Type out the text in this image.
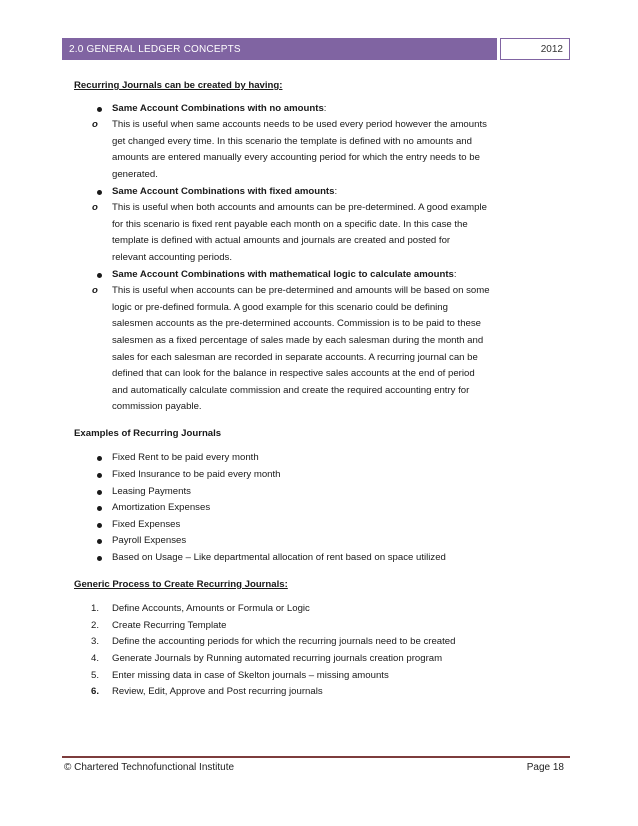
2.0 GENERAL LEDGER CONCEPTS	2012
Recurring Journals can be created by having:
Same Account Combinations with no amounts:
o This is useful when same accounts needs to be used every period however the amounts
get changed every time. In this scenario the template is defined with no amounts and
amounts are entered manually every accounting period for which the entry needs to be
generated.
Same Account Combinations with fixed amounts:
o This is useful when both accounts and amounts can be pre-determined. A good example
for this scenario is fixed rent payable each month on a specific date. In this case the
template is defined with actual amounts and journals are created and posted for
relevant accounting periods.
Same Account Combinations with mathematical logic to calculate amounts:
o This is useful when accounts can be pre-determined and amounts will be based on some
logic or pre-defined formula. A good example for this scenario could be defining
salesmen accounts as the pre-determined accounts. Commission is to be paid to these
salesmen as a fixed percentage of sales made by each salesman during the month and
sales for each salesman are recorded in separate accounts. A recurring journal can be
defined that can look for the balance in respective sales accounts at the end of period
and automatically calculate commission and create the required accounting entry for
commission payable.
Examples of Recurring Journals
Fixed Rent to be paid every month
Fixed Insurance to be paid every month
Leasing Payments
Amortization Expenses
Fixed Expenses
Payroll Expenses
Based on Usage – Like departmental allocation of rent based on space utilized
Generic Process to Create Recurring Journals:
1. Define Accounts, Amounts or Formula or Logic
2. Create Recurring Template
3. Define the accounting periods for which the recurring journals need to be created
4. Generate Journals by Running automated recurring journals creation program
5. Enter missing data in case of Skelton journals – missing amounts
6. Review, Edit, Approve and Post recurring journals
© Chartered Technofunctional Institute	Page 18
